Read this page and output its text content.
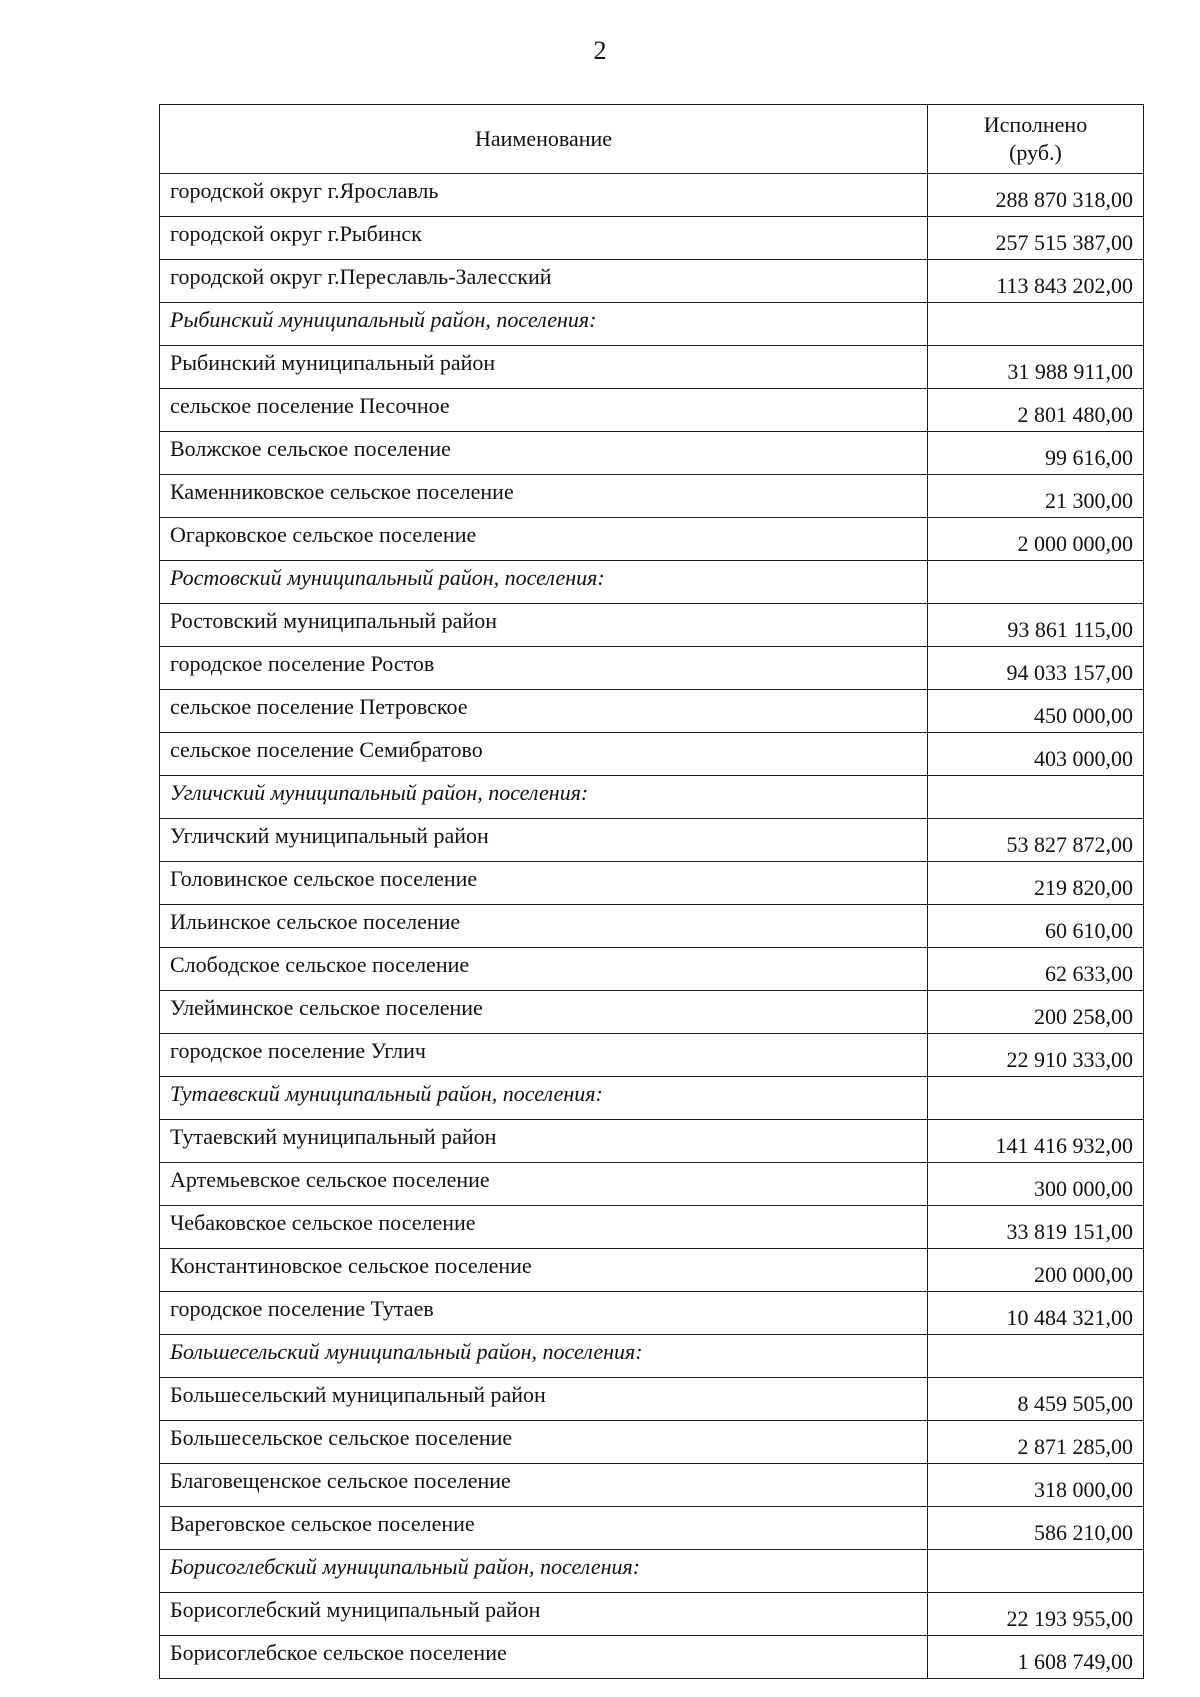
2
Наименование	Исполнено
(руб.)

городской округ г.Ярославль	288 870 318,00
городской округ г.Рыбинск	257 515 387,00
городской округ г.Переславль-Залесский	113 843 202,00
Рыбинский муниципальный район, поселения:	
Рыбинский муниципальный район	31 988 911,00
сельское поселение Песочное	2 801 480,00
Волжское сельское поселение	99 616,00
Каменниковское сельское поселение	21 300,00
Огарковское сельское поселение	2 000 000,00
Ростовский муниципальный район, поселения:	
Ростовский муниципальный район	93 861 115,00
городское поселение Ростов	94 033 157,00
сельское поселение Петровское	450 000,00
сельское поселение Семибратово	403 000,00
Угличский муниципальный район, поселения:	
Угличский муниципальный район	53 827 872,00
Головинское сельское поселение	219 820,00
Ильинское сельское поселение	60 610,00
Слободское сельское поселение	62 633,00
Улейминское сельское поселение	200 258,00
городское поселение Углич	22 910 333,00
Тутаевский муниципальный район, поселения:	
Тутаевский муниципальный район	141 416 932,00
Артемьевское сельское поселение	300 000,00
Чебаковское сельское поселение	33 819 151,00
Константиновское сельское поселение	200 000,00
городское поселение Тутаев	10 484 321,00
Большесельский муниципальный район, поселения:	
Большесельский муниципальный район	8 459 505,00
Большесельское сельское поселение	2 871 285,00
Благовещенское сельское поселение	318 000,00
Вареговское сельское поселение	586 210,00
Борисоглебский муниципальный район, поселения:	
Борисоглебский муниципальный район	22 193 955,00
Борисоглебское сельское поселение	1 608 749,00
